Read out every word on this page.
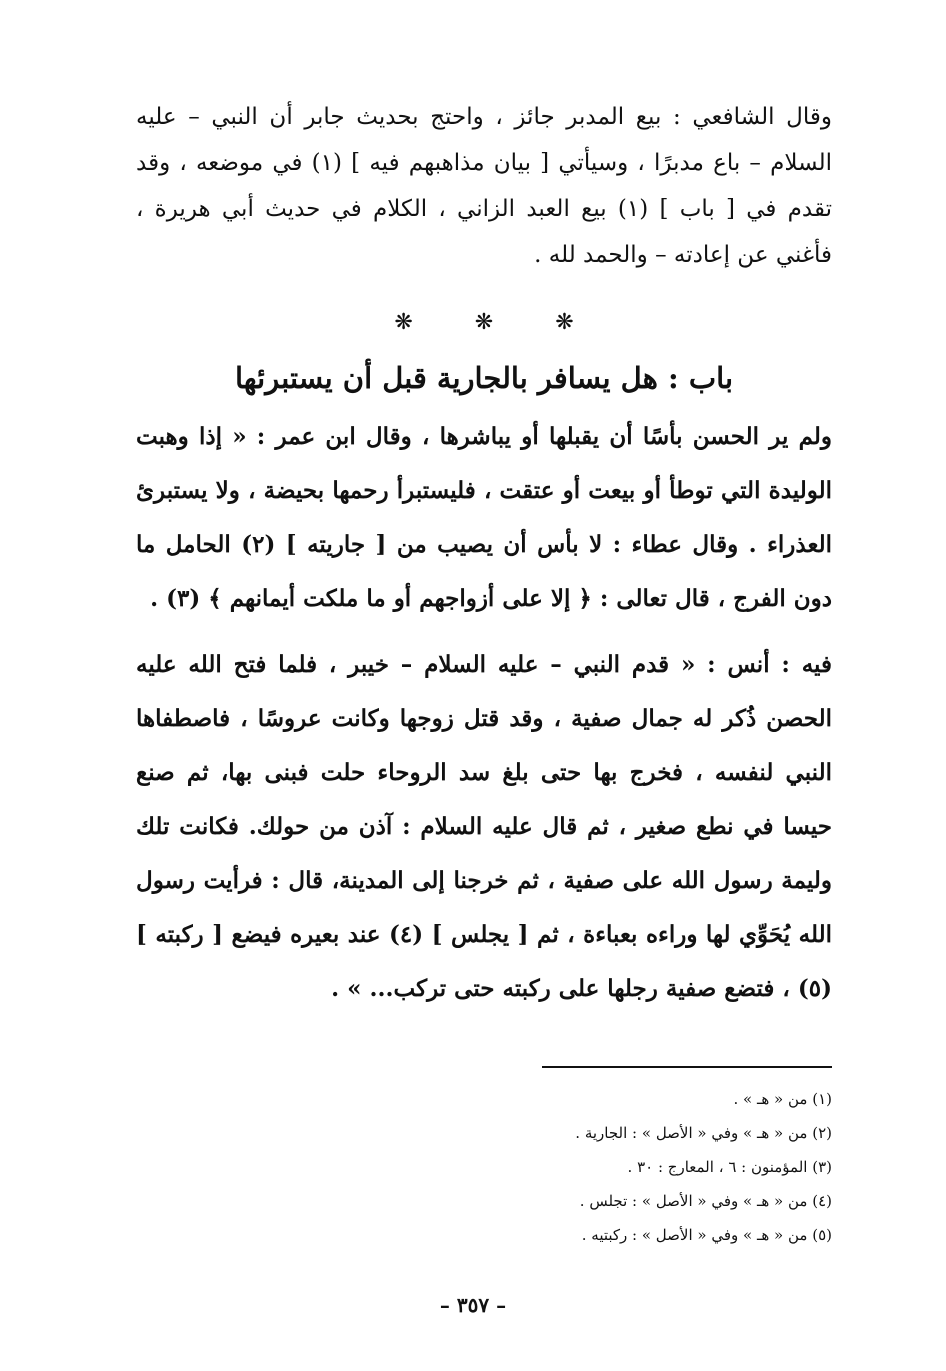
وقال الشافعي : بيع المدبر جائز ، واحتج بحديث جابر أن النبي – عليه السلام – باع مدبرًا ، وسيأتي [ بيان مذاهبهم فيه ] (١) في موضعه ، وقد تقدم في [ باب ] (١) بيع العبد الزاني ، الكلام في حديث أبي هريرة ، فأغني عن إعادته – والحمد لله .

❋
❋
❋
باب : هل يسافر بالجارية قبل أن يستبرئها

ولم ير الحسن بأسًا أن يقبلها أو يباشرها ، وقال ابن عمر : « إذا وهبت الوليدة التي توطأ أو بيعت أو عتقت ، فليستبرأ رحمها بحيضة ، ولا يستبرئ العذراء . وقال عطاء : لا بأس أن يصيب من [ جاريته ] (٢) الحامل ما دون الفرج ، قال تعالى : ﴿ إلا على أزواجهم أو ما ملكت أيمانهم ﴾ (٣) .

فيه : أنس : « قدم النبي – عليه السلام – خيبر ، فلما فتح الله عليه الحصن ذُكر له جمال صفية ، وقد قتل زوجها وكانت عروسًا ، فاصطفاها النبي لنفسه ، فخرج بها حتى بلغ سد الروحاء حلت فبنى بها، ثم صنع حيسا في نطع صغير ، ثم قال عليه السلام : آذن من حولك. فكانت تلك وليمة رسول الله على صفية ، ثم خرجنا إلى المدينة، قال : فرأيت رسول الله يُحَوِّي لها وراءه بعباءة ، ثم [ يجلس ] (٤) عند بعيره فيضع [ ركبته ] (٥) ، فتضع صفية رجلها على ركبته حتى تركب... » .

(١) من « هـ » .
(٢) من « هـ » وفي « الأصل » : الجارية .
(٣) المؤمنون : ٦ ، المعارج : ٣٠ .
(٤) من « هـ » وفي « الأصل » : تجلس .
(٥) من « هـ » وفي « الأصل » : ركبتيه .
– ٣٥٧ –
